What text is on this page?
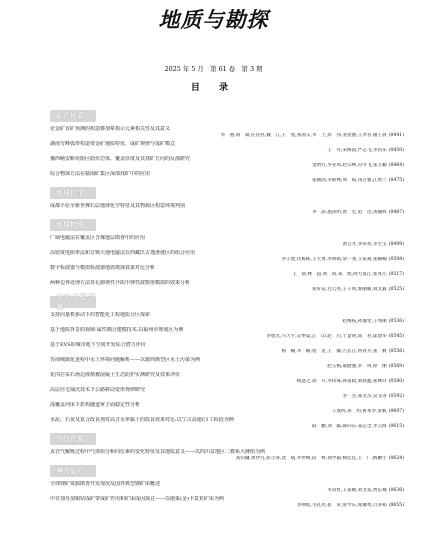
地质与勘探
2025 年 5 月　第 61 卷　第 3 期
目 录
矿产地质
论金矿盲矿预测的构造叠加晕指示元素相关性及其意义
李　惠,禹　斌,任昆亮,魏　江,王　旭,张国义,李　上,彭　伟,姜优德,王孝君,谢子晨 (0441)
湖南雪峰弧形构造带金矿地质特征、成矿规律与成矿模式
王　丹,宋修国,严志飞,李昌乐 (0450)
豫西崤安断块陷区隐伏岩体、覆盖厚度及其找矿方向的反演研究
金明方,李亚周,赵宗林,冯令飞,张万鹏 (0464)
综合物探方法在赣南矿集区深部找矿中的应用
张晓国,李新林,周　斌,钱占强,江勇兰 (0475)
地球化学
成都平原全新世裸石层地球化学特征及其物源区构造环境判别
李　添,施泽明,唐　宏,赵　达,黄毓辉 (0487)
地球物理
广域电磁法在覆盖区含煤地层勘查中的应用
黄自才,李荣亮,李生宝 (0499)
高密度电阻率法和音频大地电磁法在西藏沃古逸滑坡区的组合应用
李子建,伏栋栋,王天勇,李明硕,余一尧,王家豪,张楠楠 (0508)
数字检波器与模拟检波器地震勘探效果对比分析
王　晨,林　超,黄　尚,朱　凯,阿力莫江,张兆元 (0517)
两种边界处理方法对孔隙弹性介质中弹性波数值模拟的效果分析
张好安,白云亮,王子明,郭丽丽,刘文毅 (0525)
水文·工程·环境
支持向量机驱动下的智能化工程地质分区探索
赵梅枝,孙瑜堂,王秀丽 (0536)
基于地质背景的视域-属性耦合建模技术:以福州市规划区为例
李旭光,马天宇,吴季夏,江　山,赵　启,于慧明,郑　君,霍建华 (0545)
基于EVS的城市地下空间开发综合潜力评价
杨　楠,李　楠,程　龙,王　馨,吉长江,何青芳,张　帆 (0556)
苏南城镇化进程中水土环境问题解析——以镇西典型区水土污染为例
赵玉梅,戚健强,李　玥,徐　丽 (0569)
花岗岩采石场边坡植被混凝土生态防护实测研究及效果评价
杨慧之,徐　开,李伟珠,韩富政,刘晨鑫,张林玲 (0580)
高层住宅减沉技术下公路移动变形规律研究
李　杰,郑文杰,吴文涛 (0592)
浅覆盖河床下盾构隧道掌子面稳定性分析
王成辉,孙　玥,鲁本华,张帆 (0607)
水泥、石灰及复合改良剂对高含水率黏土的改良效果对比:以宁古高速C1工程段为例
薛　鹏,刘　霖,薛向东,姜志全,李云海 (0615)
油气资源
页岩气解吸过程中气体组分和同位素的变化特征及其地质意义——以四川盆地区二叠系大隆组为例
高钧镛,黄伊凡,张小涛,沈　斌,李世峰,段　柯,徐学毅,杨佳佳,王　广,杨鹏宇 (0624)
境外矿产
全球锂矿资源勘查开发现况及国外典型锂矿床概述
李双哲,王泰顺,刘文发,贾长城 (0636)
中非加丹加铜钴成矿带成矿作用和矿床成因探讨——以刚果(金)卡莫亚矿床为例
李帅程,毛礼亮,崔　荣,张学东,席墉秀,吕喜稻 (0655)
